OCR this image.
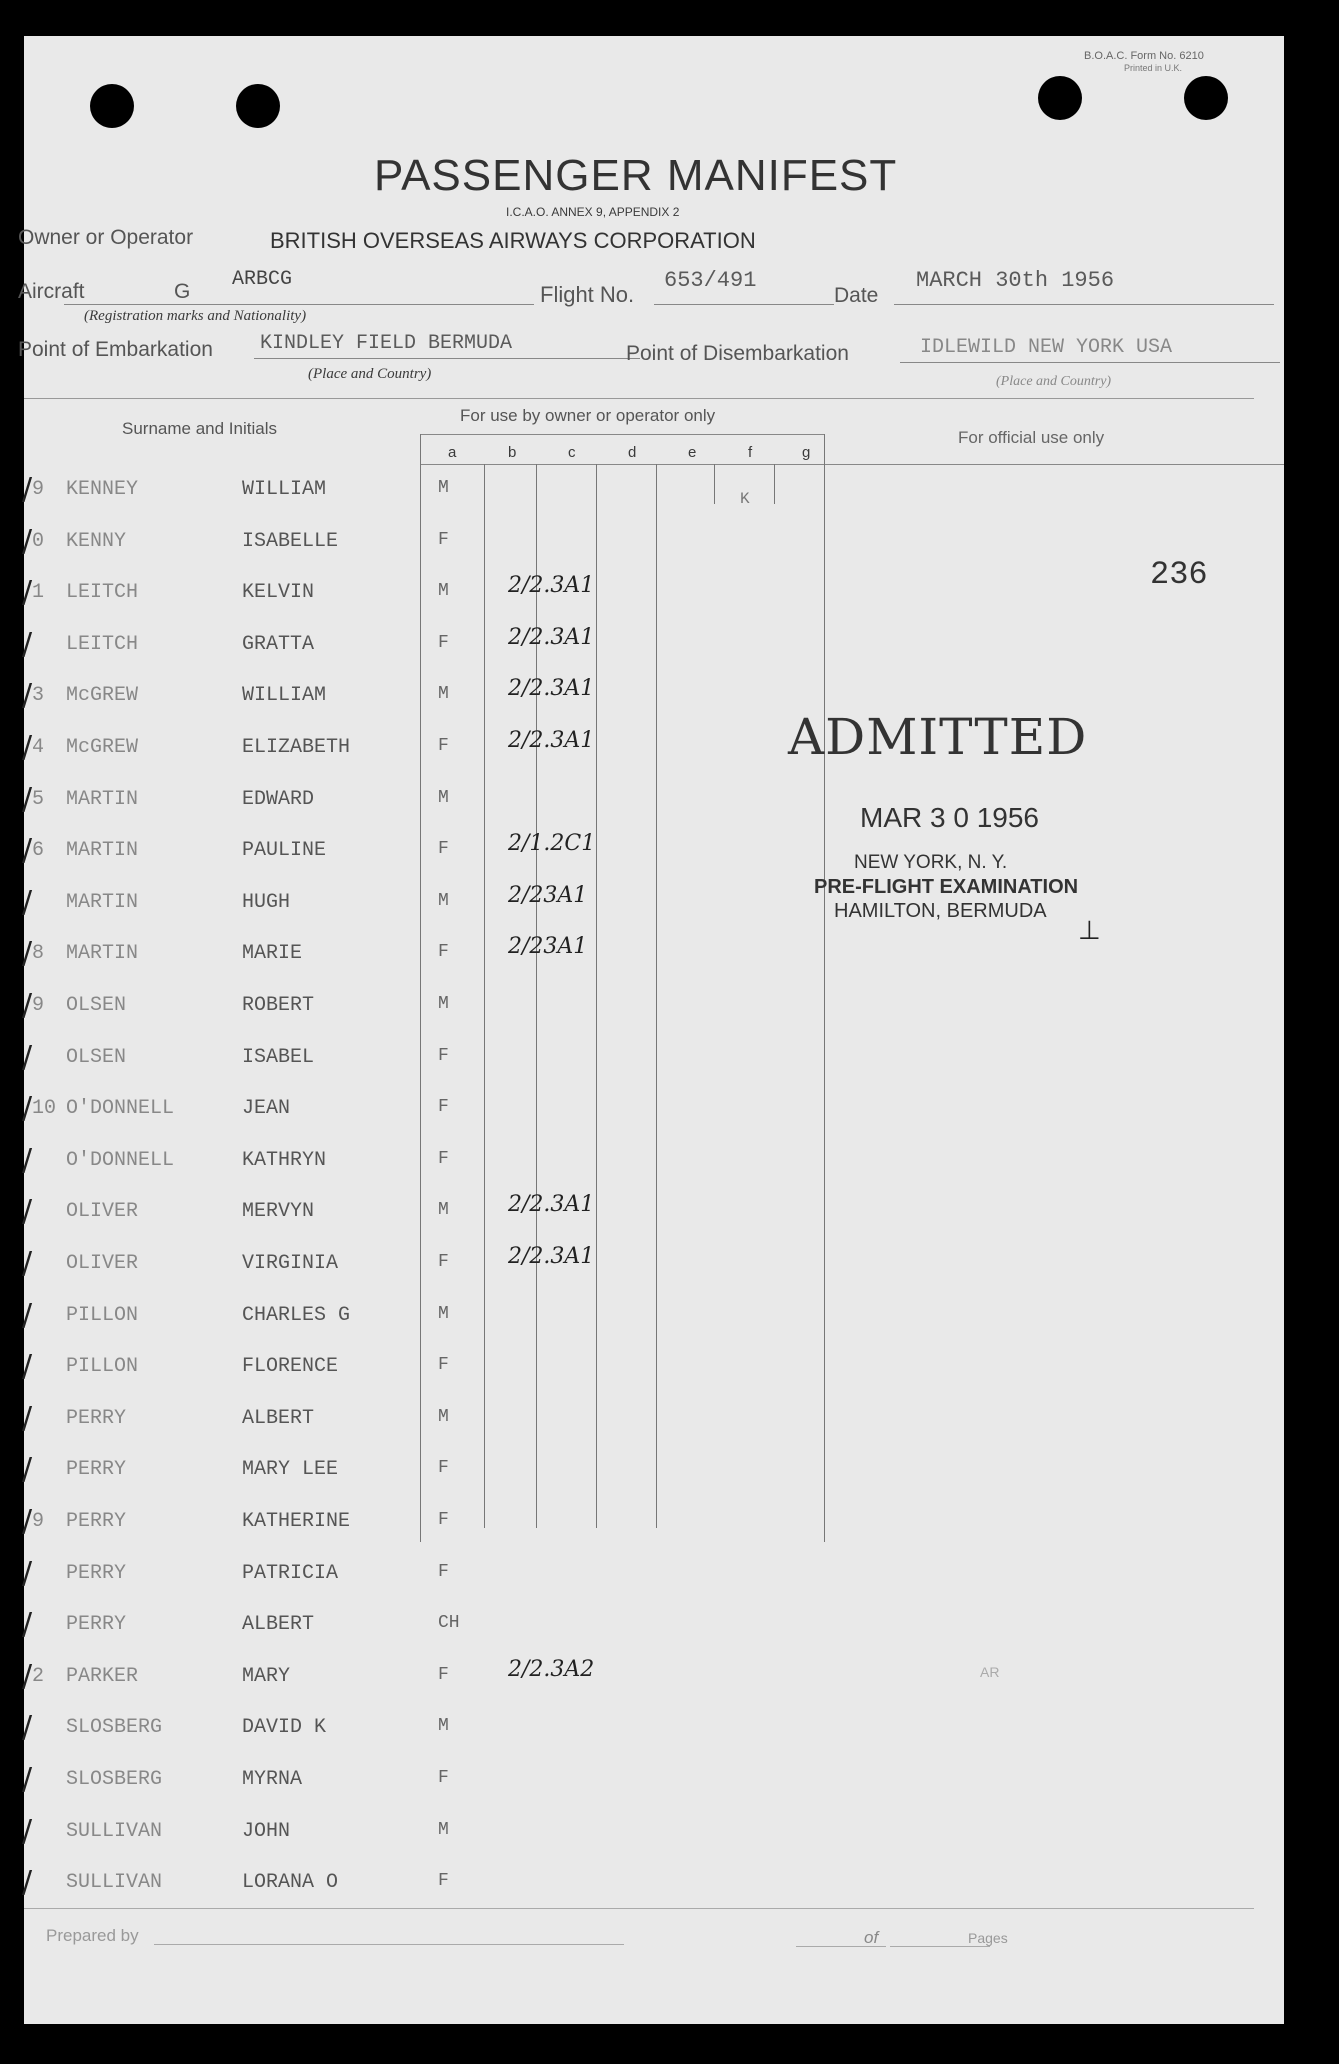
B.O.A.C. Form No. 6210
Printed in U.K.
PASSENGER MANIFEST
I.C.A.O. ANNEX 9, APPENDIX 2
Owner or Operator	BRITISH OVERSEAS AIRWAYS CORPORATION
Aircraft	G
ARBCG
(Registration marks and Nationality)
Flight No.
653/491
Date
MARCH 30th 1956
Point of Embarkation KINDLEY FIELD BERMUDA
(Place and Country)
Point of Disembarkation	IDLEWILD NEW YORK USA
(Place and Country)
Surname and Initials
For use by owner or operator only
For official use only
a	b	c	d	e	f	g
/ 9 KENNEY	WILLIAM	M
K
/ 0 KENNY	ISABELLE	F
/ 1 LEITCH	KELVIN	M	2/2.3A1
/ LEITCH	GRATTA	F	2/2.3A1
/ 3 McGREW	WILLIAM	M	2/2.3A1
/ 4 McGREW	ELIZABETH	F	2/2.3A1
/ 5 MARTIN	EDWARD	M
/ 6 MARTIN	PAULINE	F	2/1.2C1
/ MARTIN	HUGH	M	2/23A1
/ 8 MARTIN	MARIE	F	2/23A1
/ 9 OLSEN	ROBERT	M
/ OLSEN	ISABEL	F
/ 10 O'DONNELL	JEAN	F
/ O'DONNELL	KATHRYN	F
/ OLIVER	MERVYN	M	2/2.3A1
/ OLIVER	VIRGINIA	F	2/2.3A1
/ PILLON	CHARLES G	M
/ PILLON	FLORENCE	F
/ PERRY	ALBERT	M
/ PERRY	MARY LEE	F
/ 9 PERRY	KATHERINE	F
/ PERRY	PATRICIA	F
/ PERRY	ALBERT	CH
/ 2 PARKER	MARY	F	2/2.3A2
/ SLOSBERG	DAVID K	M
/ SLOSBERG	MYRNA	F
/ SULLIVAN	JOHN	M
/ SULLIVAN	LORANA O	F
236
ADMITTED
MAR 3 0 1956
NEW YORK, N. Y.
PRE-FLIGHT EXAMINATION
HAMILTON, BERMUDA
⊥
AR
Prepared by	of	Pages
